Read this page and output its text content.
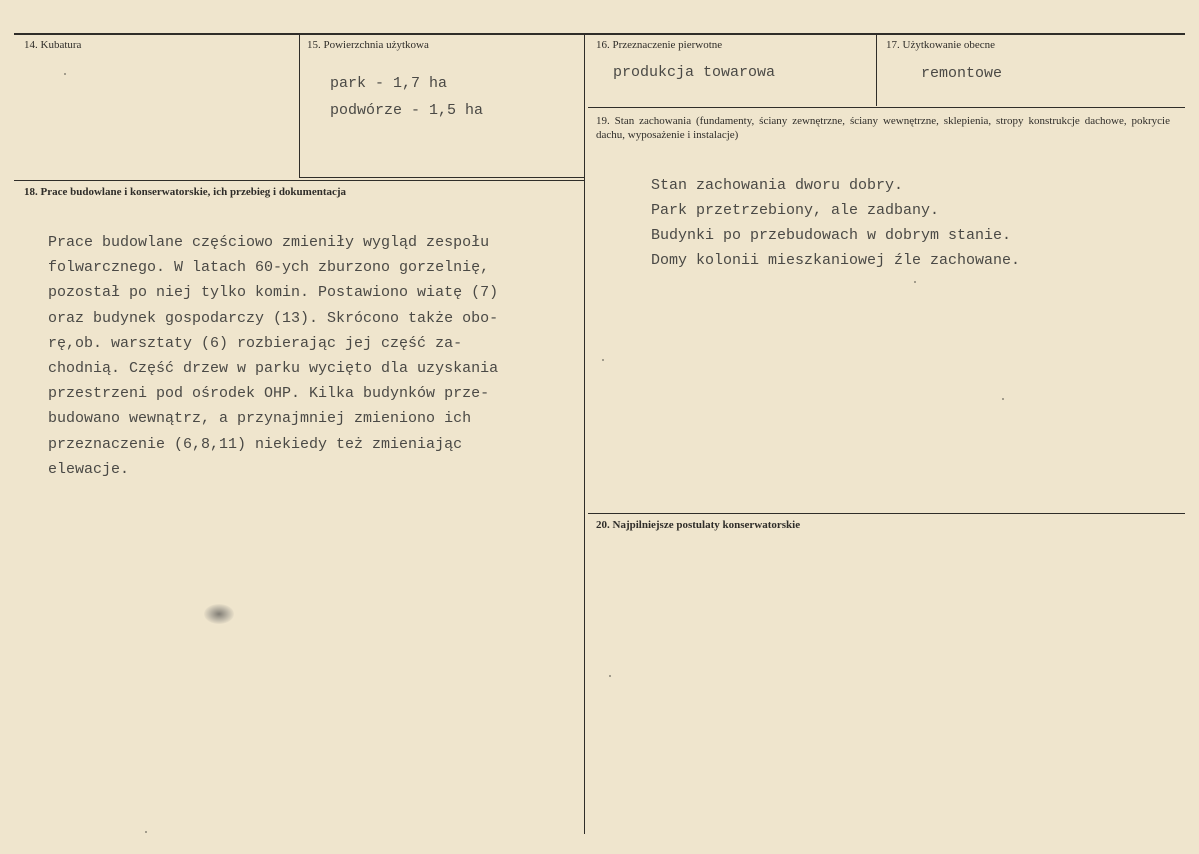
14. Kubatura	15. Powierzchnia użytkowa
park - 1,7 ha
podwórze - 1,5 ha
16. Przeznaczenie pierwotne
produkcja towarowa
17. Użytkowanie obecne
remontowe
18. Prace budowlane i konserwatorskie, ich przebieg i dokumentacja
Prace budowlane częściowo zmieniły wygląd zespołu
folwarcznego. W latach 60-ych zburzono gorzelnię,
pozostał po niej tylko komin. Postawiono wiatę (7)
oraz budynek gospodarczy (13). Skrócono także obo-
rę,ob. warsztaty (6) rozbierając jej część za-
chodnią. Część drzew w parku wycięto dla uzyskania
przestrzeni pod ośrodek OHP. Kilka budynków prze-
budowano wewnątrz, a przynajmniej zmieniono ich
przeznaczenie (6,8,11) niekiedy też zmieniając
elewacje.
19. Stan zachowania (fundamenty, ściany zewnętrzne, ściany wewnętrzne, sklepienia, stropy konstrukcje dachowe, pokrycie dachu, wyposażenie i instalacje)
Stan zachowania dworu dobry.
Park przetrzebiony, ale zadbany.
Budynki po przebudowach w dobrym stanie.
Domy kolonii mieszkaniowej źle zachowane.
20. Najpilniejsze postulaty konserwatorskie
